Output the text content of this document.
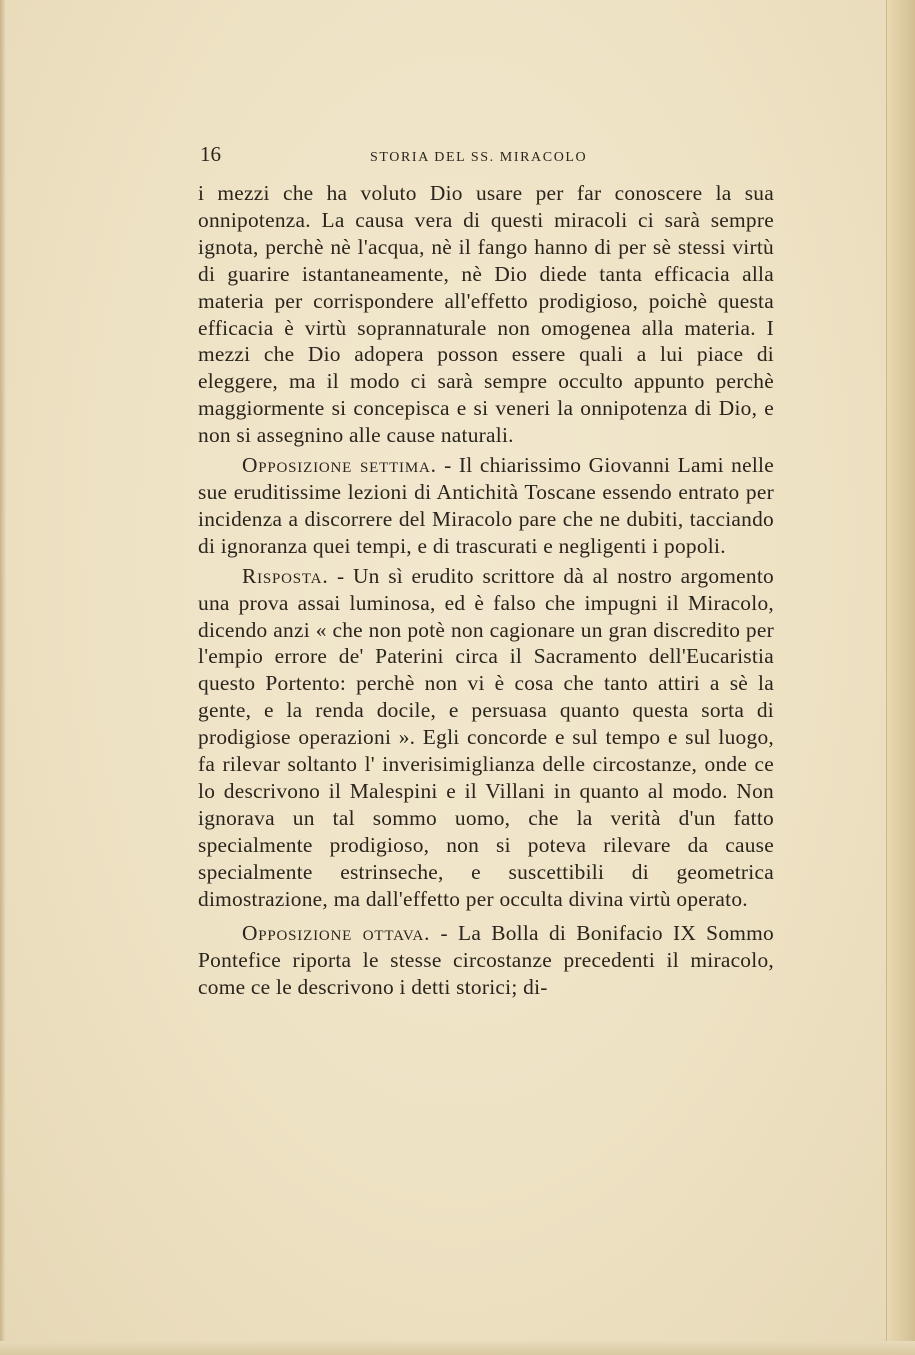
16	STORIA DEL SS. MIRACOLO

i mezzi che ha voluto Dio usare per far conoscere la sua onnipotenza. La causa vera di questi miracoli ci sarà sempre ignota, perchè nè l'acqua, nè il fango hanno di per sè stessi virtù di guarire istantaneamente, nè Dio diede tanta efficacia alla materia per corrispondere all'effetto prodigioso, poichè questa efficacia è virtù soprannaturale non omogenea alla materia. I mezzi che Dio adopera posson essere quali a lui piace di eleggere, ma il modo ci sarà sempre occulto appunto perchè maggiormente si concepisca e si veneri la onnipotenza di Dio, e non si assegnino alle cause naturali.

Opposizione settima. - Il chiarissimo Giovanni Lami nelle sue eruditissime lezioni di Antichità Toscane essendo entrato per incidenza a discorrere del Miracolo pare che ne dubiti, tacciando di ignoranza quei tempi, e di trascurati e negligenti i popoli.

Risposta. - Un sì erudito scrittore dà al nostro argomento una prova assai luminosa, ed è falso che impugni il Miracolo, dicendo anzi « che non potè non cagionare un gran discredito per l'empio errore de' Paterini circa il Sacramento dell'Eucaristia questo Portento: perchè non vi è cosa che tanto attiri a sè la gente, e la renda docile, e persuasa quanto questa sorta di prodigiose operazioni ». Egli concorde e sul tempo e sul luogo, fa rilevar soltanto l' inverisimiglianza delle circostanze, onde ce lo descrivono il Malespini e il Villani in quanto al modo. Non ignorava un tal sommo uomo, che la verità d'un fatto specialmente prodigioso, non si poteva rilevare da cause specialmente estrinseche, e suscettibili di geometrica dimostrazione, ma dall'effetto per occulta divina virtù operato.

Opposizione ottava. - La Bolla di Bonifacio IX Sommo Pontefice riporta le stesse circostanze precedenti il miracolo, come ce le descrivono i detti storici; di-
